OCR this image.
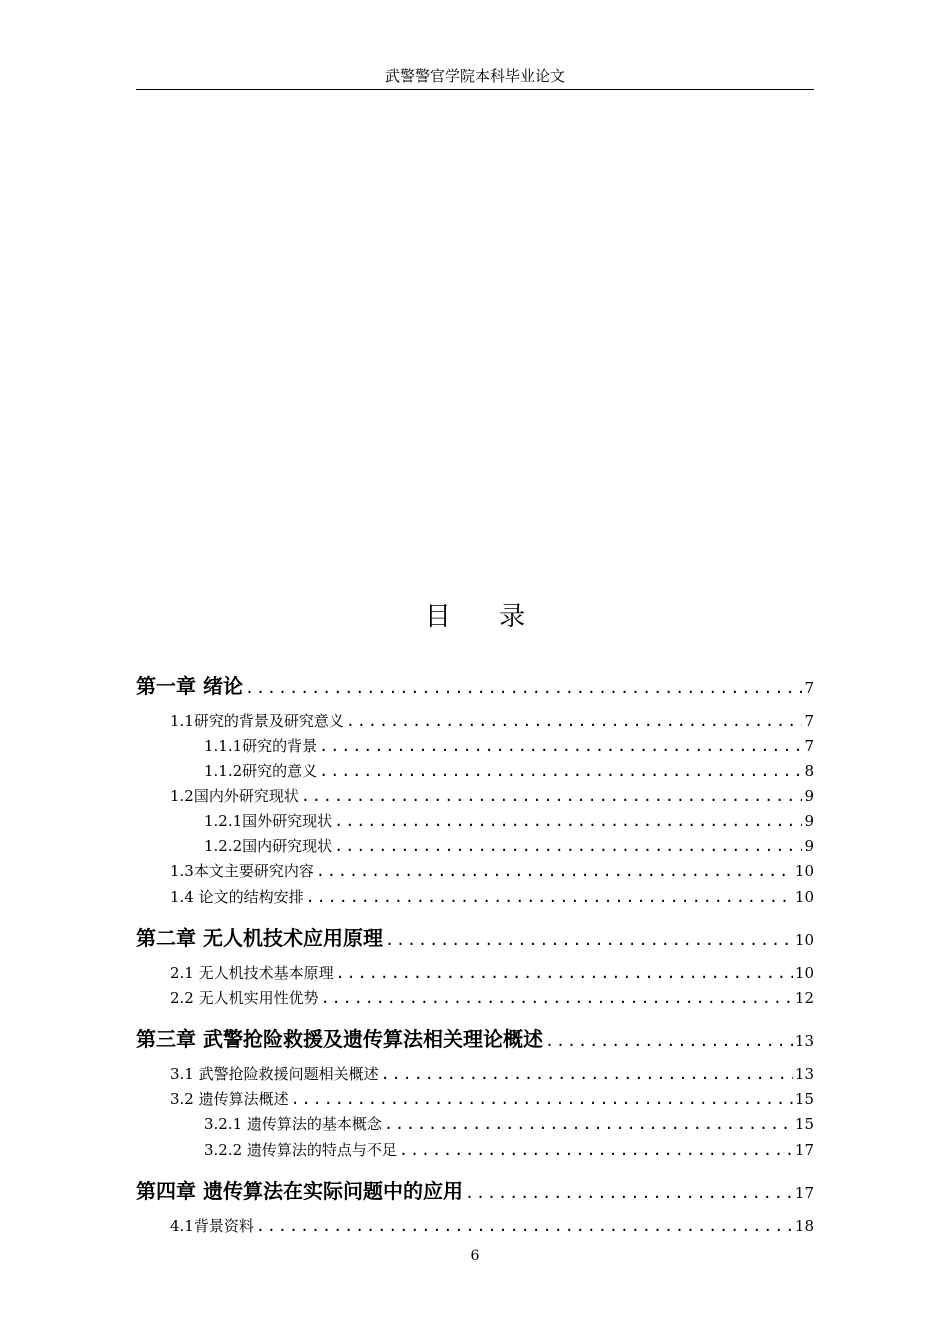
武警警官学院本科毕业论文
目 录
第一章 绪论 .....	7
1.1研究的背景及研究意义 .....	7
1.1.1研究的背景 .....	7
1.1.2研究的意义 .....	8
1.2国内外研究现状 .....	9
1.2.1国外研究现状 .....	9
1.2.2国内研究现状 .....	9
1.3本文主要研究内容 .....	10
1.4 论文的结构安排 .....	10
第二章 无人机技术应用原理 .....	10
2.1 无人机技术基本原理 .....	10
2.2 无人机实用性优势 .....	12
第三章 武警抢险救援及遗传算法相关理论概述 .....	13
3.1 武警抢险救援问题相关概述 .....	13
3.2 遗传算法概述 .....	15
3.2.1 遗传算法的基本概念 .....	15
3.2.2 遗传算法的特点与不足 .....	17
第四章 遗传算法在实际问题中的应用 .....	17
4.1背景资料 .....	18
6
